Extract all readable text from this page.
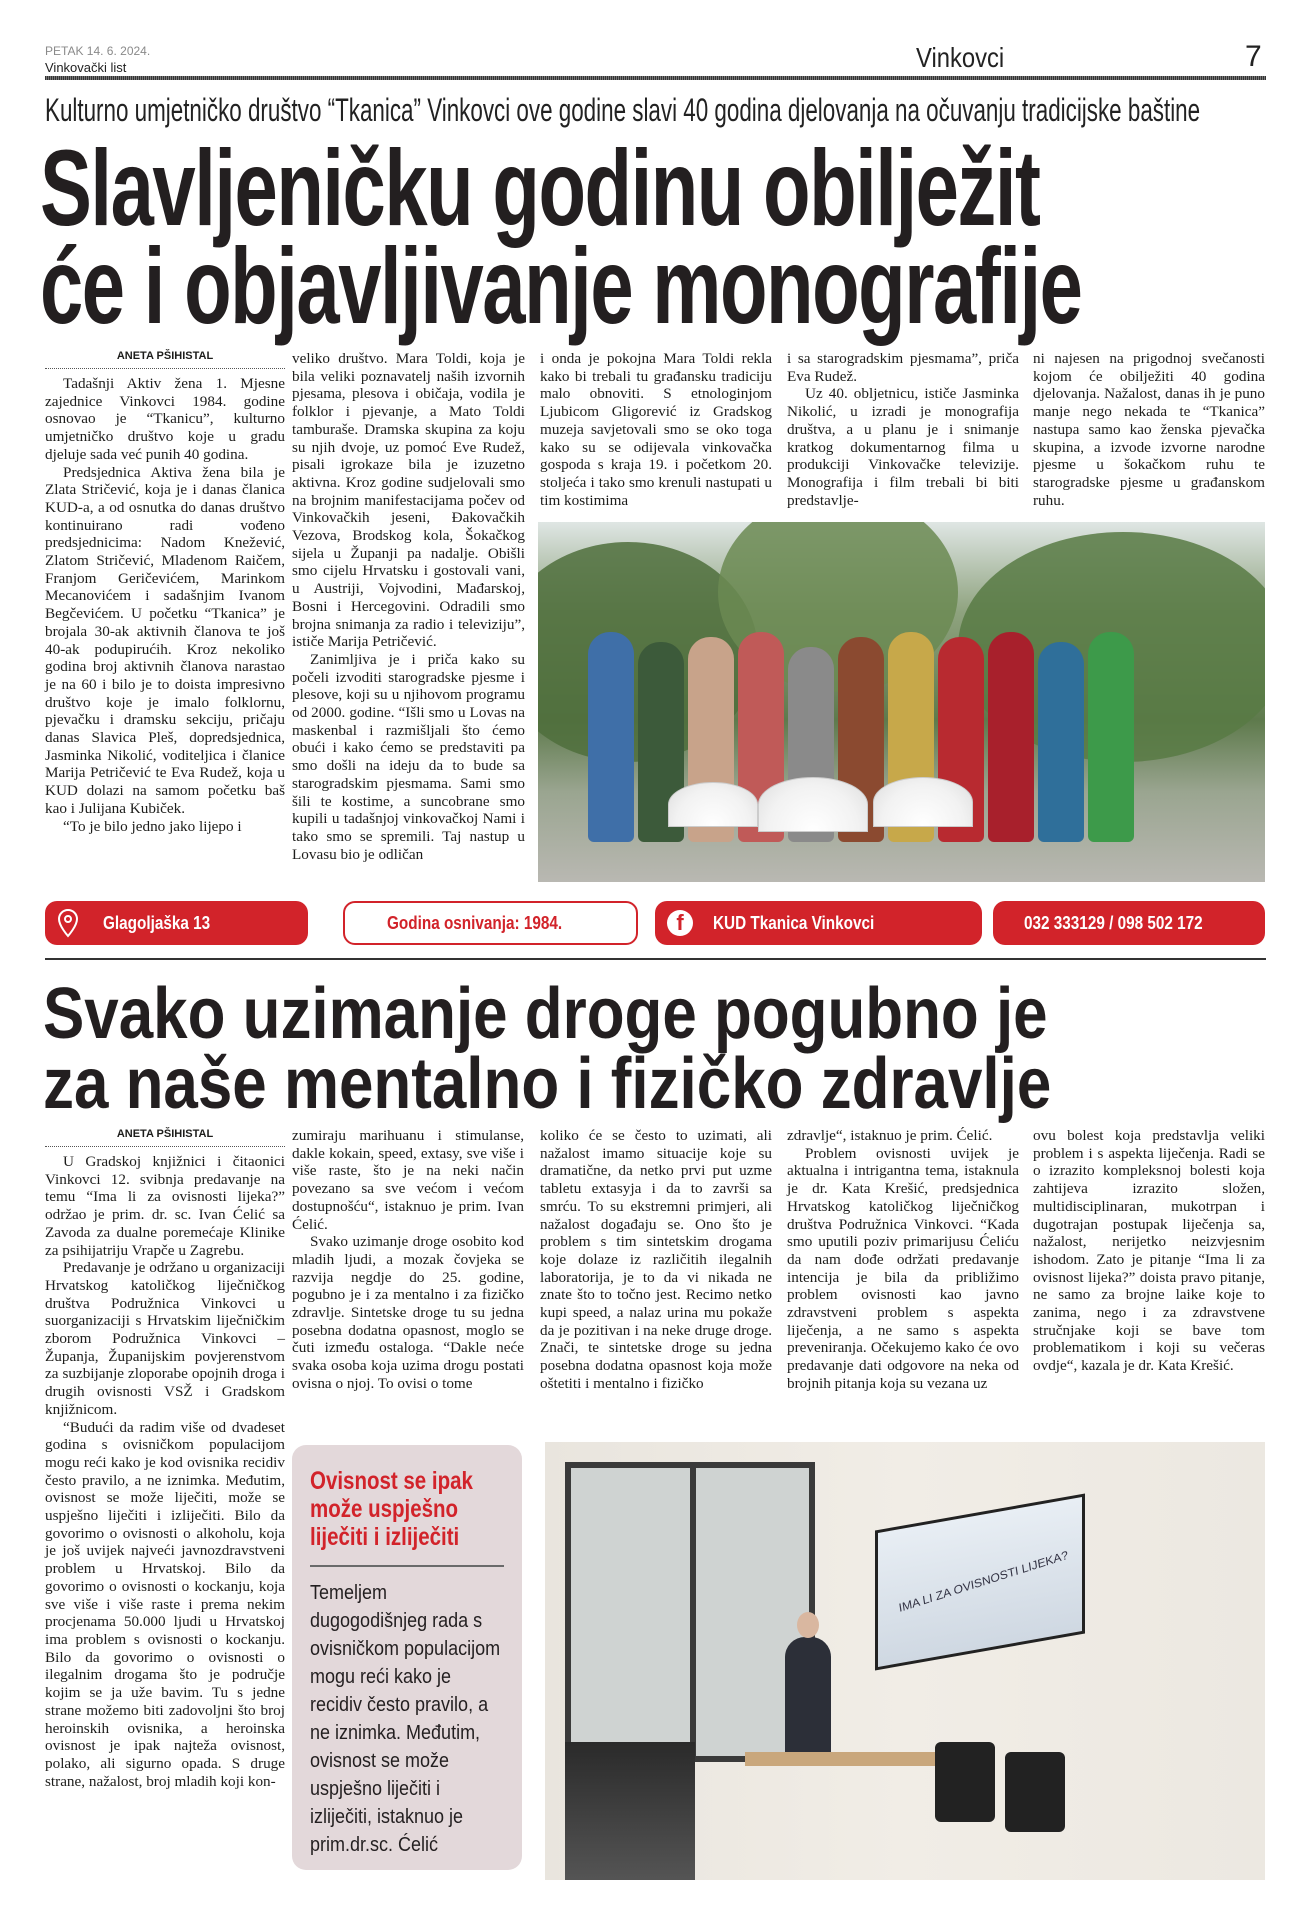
PETAK 14. 6. 2024.
Vinkovački list	Vinkovci	7
Kulturno umjetničko društvo “Tkanica” Vinkovci ove godine slavi 40 godina djelovanja na očuvanju tradicijske baštine
Slavljeničku godinu obilježit
će i objavljivanje monografije
ANETA PŠIHISTAL

Tadašnji Aktiv žena 1. Mjesne zajednice Vinkovci 1984. godine osnovao je “Tkanicu”, kulturno umjetničko društvo koje u gradu djeluje sada već punih 40 godina.

Predsjednica Aktiva žena bila je Zlata Stričević, koja je i danas članica KUD-a, a od osnutka do danas društvo kontinuirano radi vođeno predsjednicima: Nadom Knežević, Zlatom Stričević, Mladenom Raičem, Franjom Geričevićem, Marinkom Mecanovićem i sadašnjim Ivanom Begčevićem. U početku “Tkanica” je brojala 30-ak aktivnih članova te još 40-ak podupirućih. Kroz nekoliko godina broj aktivnih članova narastao je na 60 i bilo je to doista impresivno društvo koje je imalo folklornu, pjevačku i dramsku sekciju, pričaju danas Slavica Pleš, dopredsjednica, Jasminka Nikolić, voditeljica i članice Marija Petričević te Eva Rudež, koja u KUD dolazi na samom početku baš kao i Julijana Kubiček.

“To je bilo jedno jako lijepo i

veliko društvo. Mara Toldi, koja je bila veliki poznavatelj naših izvornih pjesama, plesova i običaja, vodila je folklor i pjevanje, a Mato Toldi tamburaše. Dramska skupina za koju su njih dvoje, uz pomoć Eve Rudež, pisali igrokaze bila je izuzetno aktivna. Kroz godine sudjelovali smo na brojnim manifestacijama počev od Vinkovačkih jeseni, Đakovačkih Vezova, Brodskog kola, Šokačkog sijela u Županji pa nadalje. Obišli smo cijelu Hrvatsku i gostovali vani, u Austriji, Vojvodini, Mađarskoj, Bosni i Hercegovini. Odradili smo brojna snimanja za radio i televiziju”, ističe Marija Petričević.

Zanimljiva je i priča kako su počeli izvoditi starogradske pjesme i plesove, koji su u njihovom programu od 2000. godine. “Išli smo u Lovas na maskenbal i razmišljali što ćemo obući i kako ćemo se predstaviti pa smo došli na ideju da to bude sa starogradskim pjesmama. Sami smo šili te kostime, a suncobrane smo kupili u tadašnjoj vinkovačkoj Nami i tako smo se spremili. Taj nastup u Lovasu bio je odličan

i onda je pokojna Mara Toldi rekla kako bi trebali tu građansku tradiciju malo obnoviti. S etnologinjom Ljubicom Gligorević iz Gradskog muzeja savjetovali smo se oko toga kako su se odijevala vinkovačka gospoda s kraja 19. i početkom 20. stoljeća i tako smo krenuli nastupati u tim kostimima

i sa starogradskim pjesmama”, priča Eva Rudež.

Uz 40. obljetnicu, ističe Jasminka Nikolić, u izradi je monografija društva, a u planu je i snimanje kratkog dokumentarnog filma u produkciji Vinkovačke televizije. Monografija i film trebali bi biti predstavlje-

ni najesen na prigodnoj svečanosti kojom će obilježiti 40 godina djelovanja. Nažalost, danas ih je puno manje nego nekada te “Tkanica” nastupa samo kao ženska pjevačka skupina, a izvode izvorne narodne pjesme u šokačkom ruhu te starogradske pjesme u građanskom ruhu.

Glagoljaška 13	Godina osnivanja: 1984.	f	KUD Tkanica Vinkovci	032 333129 / 098 502 172
Svako uzimanje droge pogubno je
za naše mentalno i fizičko zdravlje
ANETA PŠIHISTAL

U Gradskoj knjižnici i čitaonici Vinkovci 12. svibnja predavanje na temu “Ima li za ovisnosti lijeka?” održao je prim. dr. sc. Ivan Ćelić sa Zavoda za dualne poremećaje Klinike za psihijatriju Vrapče u Zagrebu.

Predavanje je održano u organizaciji Hrvatskog katoličkog liječničkog društva Podružnica Vinkovci u suorganizaciji s Hrvatskim liječničkim zborom Podružnica Vinkovci – Županja, Županijskim povjerenstvom za suzbijanje zloporabe opojnih droga i drugih ovisnosti VSŽ i Gradskom knjižnicom.

“Budući da radim više od dvadeset godina s ovisničkom populacijom mogu reći kako je kod ovisnika recidiv često pravilo, a ne iznimka. Međutim, ovisnost se može liječiti, može se uspješno liječiti i izliječiti. Bilo da govorimo o ovisnosti o alkoholu, koja je još uvijek najveći javnozdravstveni problem u Hrvatskoj. Bilo da govorimo o ovisnosti o kockanju, koja sve više i više raste i prema nekim procjenama 50.000 ljudi u Hrvatskoj ima problem s ovisnosti o kockanju. Bilo da govorimo o ovisnosti o ilegalnim drogama što je područje kojim se ja uže bavim. Tu s jedne strane možemo biti zadovoljni što broj heroinskih ovisnika, a heroinska ovisnost je ipak najteža ovisnost, polako, ali sigurno opada. S druge strane, nažalost, broj mladih koji kon-

zumiraju marihuanu i stimulanse, dakle kokain, speed, extasy, sve više i više raste, što je na neki način povezano sa sve većom i većom dostupnošću“, istaknuo je prim. Ivan Ćelić.

Svako uzimanje droge osobito kod mladih ljudi, a mozak čovjeka se razvija negdje do 25. godine, pogubno je i za mentalno i za fizičko zdravlje. Sintetske droge tu su jedna posebna dodatna opasnost, moglo se čuti između ostaloga. “Dakle neće svaka osoba koja uzima drogu postati ovisna o njoj. To ovisi o tome

koliko će se često to uzimati, ali nažalost imamo situacije koje su dramatične, da netko prvi put uzme tabletu extasyja i da to završi sa smrću. To su ekstremni primjeri, ali nažalost događaju se. Ono što je problem s tim sintetskim drogama koje dolaze iz različitih ilegalnih laboratorija, je to da vi nikada ne znate što to točno jest. Recimo netko kupi speed, a nalaz urina mu pokaže da je pozitivan i na neke druge droge. Znači, te sintetske droge su jedna posebna dodatna opasnost koja može oštetiti i mentalno i fizičko

zdravlje“, istaknuo je prim. Ćelić.

Problem ovisnosti uvijek je aktualna i intrigantna tema, istaknula je dr. Kata Krešić, predsjednica Hrvatskog katoličkog liječničkog društva Podružnica Vinkovci. “Kada smo uputili poziv primarijusu Ćeliću da nam dođe održati predavanje intencija je bila da približimo problem ovisnosti kao javno zdravstveni problem s aspekta liječenja, a ne samo s aspekta preveniranja. Očekujemo kako će ovo predavanje dati odgovore na neka od brojnih pitanja koja su vezana uz

ovu bolest koja predstavlja veliki problem i s aspekta liječenja. Radi se o izrazito kompleksnoj bolesti koja zahtijeva izrazito složen, multidisciplinaran, mukotrpan i dugotrajan postupak liječenja sa, nažalost, nerijetko neizvjesnim ishodom. Zato je pitanje “Ima li za ovisnost lijeka?” doista pravo pitanje, ne samo za brojne laike koje to zanima, nego i za zdravstvene stručnjake koji se bave tom problematikom i koji su večeras ovdje“, kazala je dr. Kata Krešić.

Ovisnost se ipak može uspješno liječiti i izliječiti
Temeljem dugogodišnjeg rada s ovisničkom populacijom mogu reći kako je recidiv često pravilo, a ne iznimka. Međutim, ovisnost se može uspješno liječiti i izliječiti, istaknuo je prim.dr.sc. Ćelić
IMA LI ZA OVISNOSTI LIJEKA?
